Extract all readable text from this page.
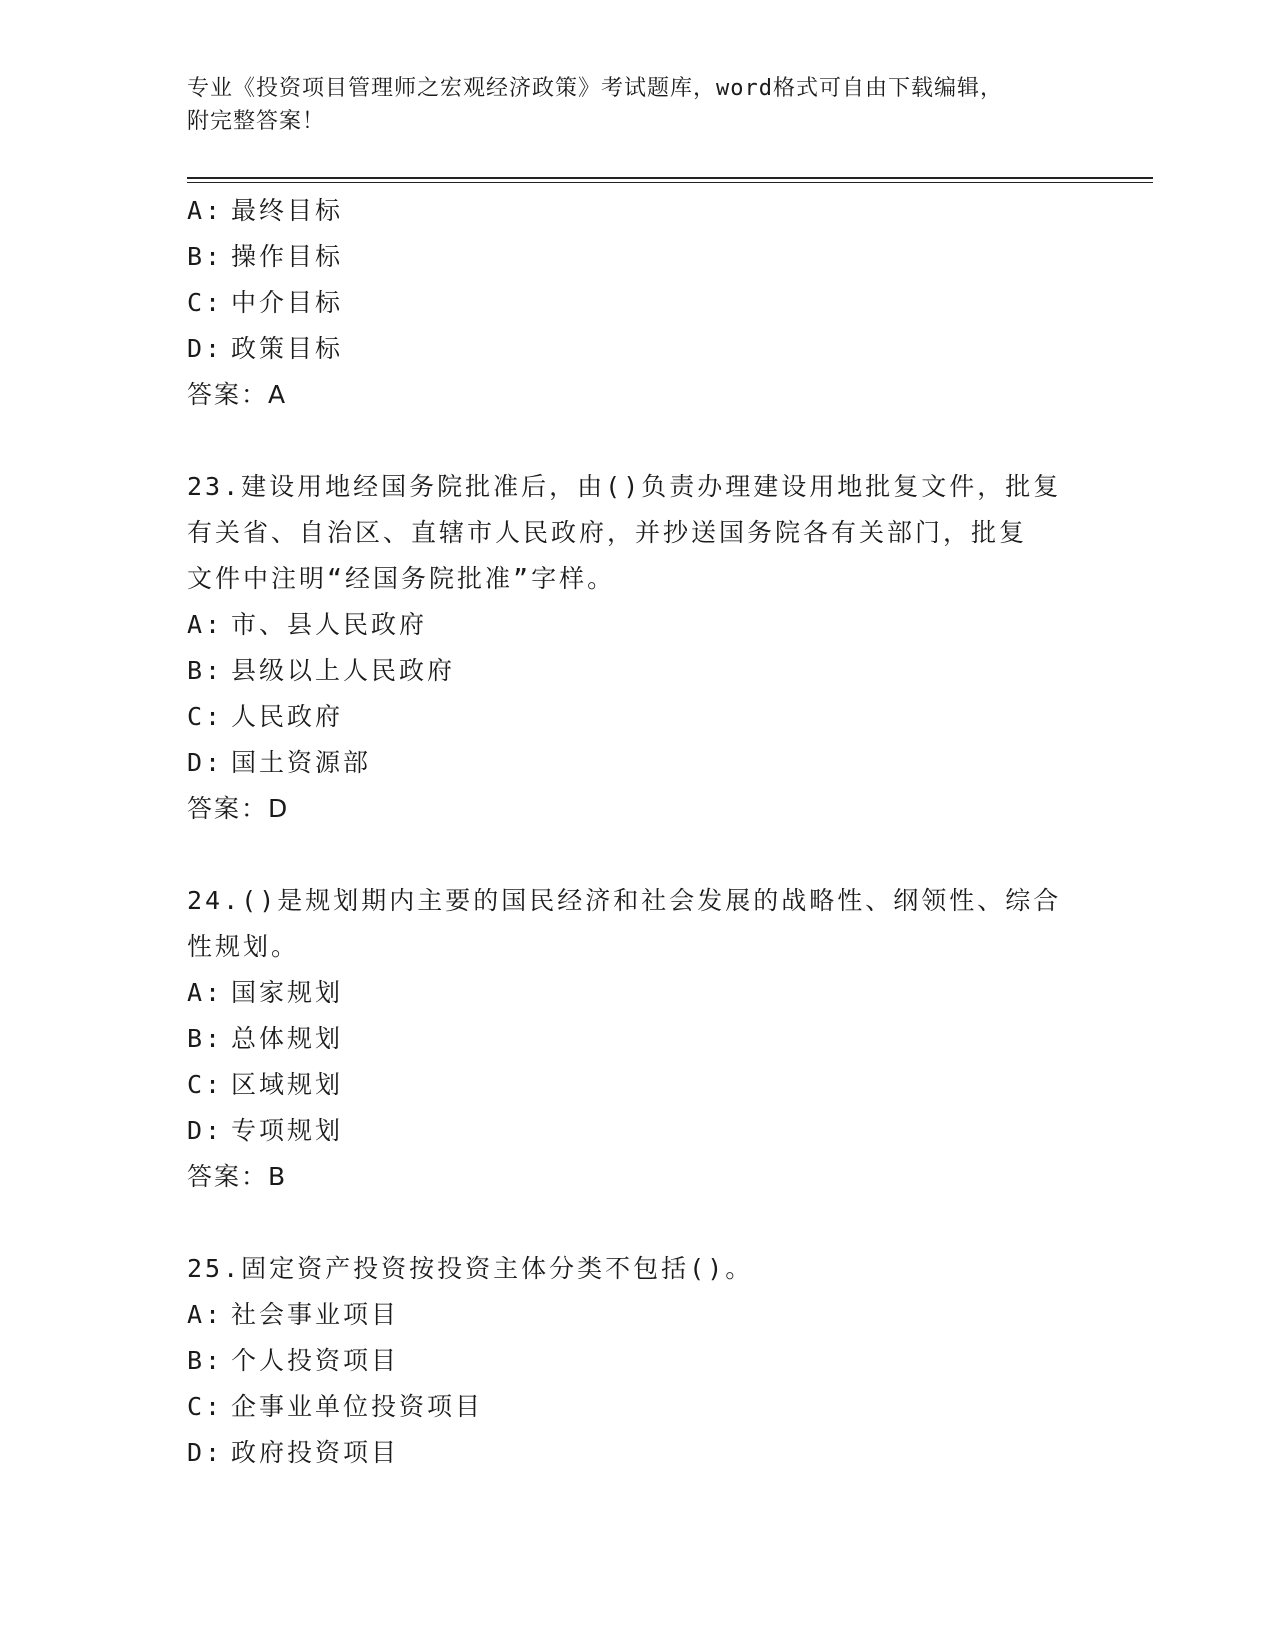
专业《投资项目管理师之宏观经济政策》考试题库，word格式可自由下载编辑，
附完整答案！
A: 最终目标
B: 操作目标
C: 中介目标
D: 政策目标
答案：A
23.建设用地经国务院批准后，由()负责办理建设用地批复文件，批复
有关省、自治区、直辖市人民政府，并抄送国务院各有关部门，批复
文件中注明“经国务院批准”字样。
A: 市、县人民政府
B: 县级以上人民政府
C: 人民政府
D: 国土资源部
答案：D
24.()是规划期内主要的国民经济和社会发展的战略性、纲领性、综合
性规划。
A: 国家规划
B: 总体规划
C: 区域规划
D: 专项规划
答案：B
25.固定资产投资按投资主体分类不包括()。
A: 社会事业项目
B: 个人投资项目
C: 企事业单位投资项目
D: 政府投资项目
